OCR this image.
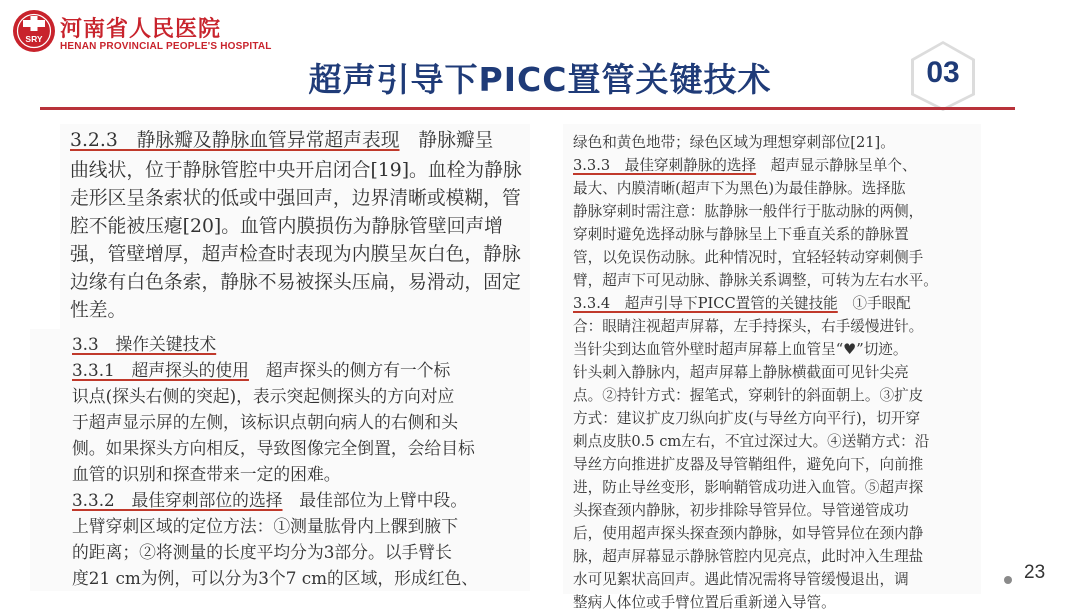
SRY 河南省人民医院
HENAN PROVINCIAL PEOPLE'S HOSPITAL
超声引导下PICC置管关键技术	03
3.2.3　静脉瓣及静脉血管异常超声表现　静脉瓣呈
曲线状，位于静脉管腔中央开启闭合[19]。血栓为静脉
走形区呈条索状的低或中强回声，边界清晰或模糊，管
腔不能被压瘪[20]。血管内膜损伤为静脉管壁回声增
强，管壁增厚，超声检查时表现为内膜呈灰白色，静脉
边缘有白色条索，静脉不易被探头压扁，易滑动，固定
性差。
3.3　操作关键技术
3.3.1　超声探头的使用　超声探头的侧方有一个标
识点(探头右侧的突起)，表示突起侧探头的方向对应
于超声显示屏的左侧，该标识点朝向病人的右侧和头
侧。如果探头方向相反，导致图像完全倒置，会给目标
血管的识别和探查带来一定的困难。
3.3.2　最佳穿刺部位的选择　最佳部位为上臂中段。
上臂穿刺区域的定位方法：①测量肱骨内上髁到腋下
的距离；②将测量的长度平均分为3部分。以手臂长
度21 cm为例，可以分为3个7 cm的区域，形成红色、
绿色和黄色地带；绿色区域为理想穿刺部位[21]。
3.3.3　最佳穿刺静脉的选择　超声显示静脉呈单个、
最大、内膜清晰(超声下为黑色)为最佳静脉。选择肱
静脉穿刺时需注意：肱静脉一般伴行于肱动脉的两侧，
穿刺时避免选择动脉与静脉呈上下垂直关系的静脉置
管，以免误伤动脉。此种情况时，宜轻轻转动穿刺侧手
臂，超声下可见动脉、静脉关系调整，可转为左右水平。
3.3.4　超声引导下PICC置管的关键技能　①手眼配
合：眼睛注视超声屏幕，左手持探头，右手缓慢进针。
当针尖到达血管外壁时超声屏幕上血管呈“♥”切迹。
针头刺入静脉内，超声屏幕上静脉横截面可见针尖亮
点。②持针方式：握笔式，穿刺针的斜面朝上。③扩皮
方式：建议扩皮刀纵向扩皮(与导丝方向平行)，切开穿
刺点皮肤0.5 cm左右，不宜过深过大。④送鞘方式：沿
导丝方向推进扩皮器及导管鞘组件，避免向下，向前推
进，防止导丝变形，影响鞘管成功进入血管。⑤超声探
头探查颈内静脉，初步排除导管异位。导管递管成功
后，使用超声探头探查颈内静脉，如导管异位在颈内静
脉，超声屏幕显示静脉管腔内见亮点，此时冲入生理盐
水可见絮状高回声。遇此情况需将导管缓慢退出，调
整病人体位或手臂位置后重新递入导管。
23
